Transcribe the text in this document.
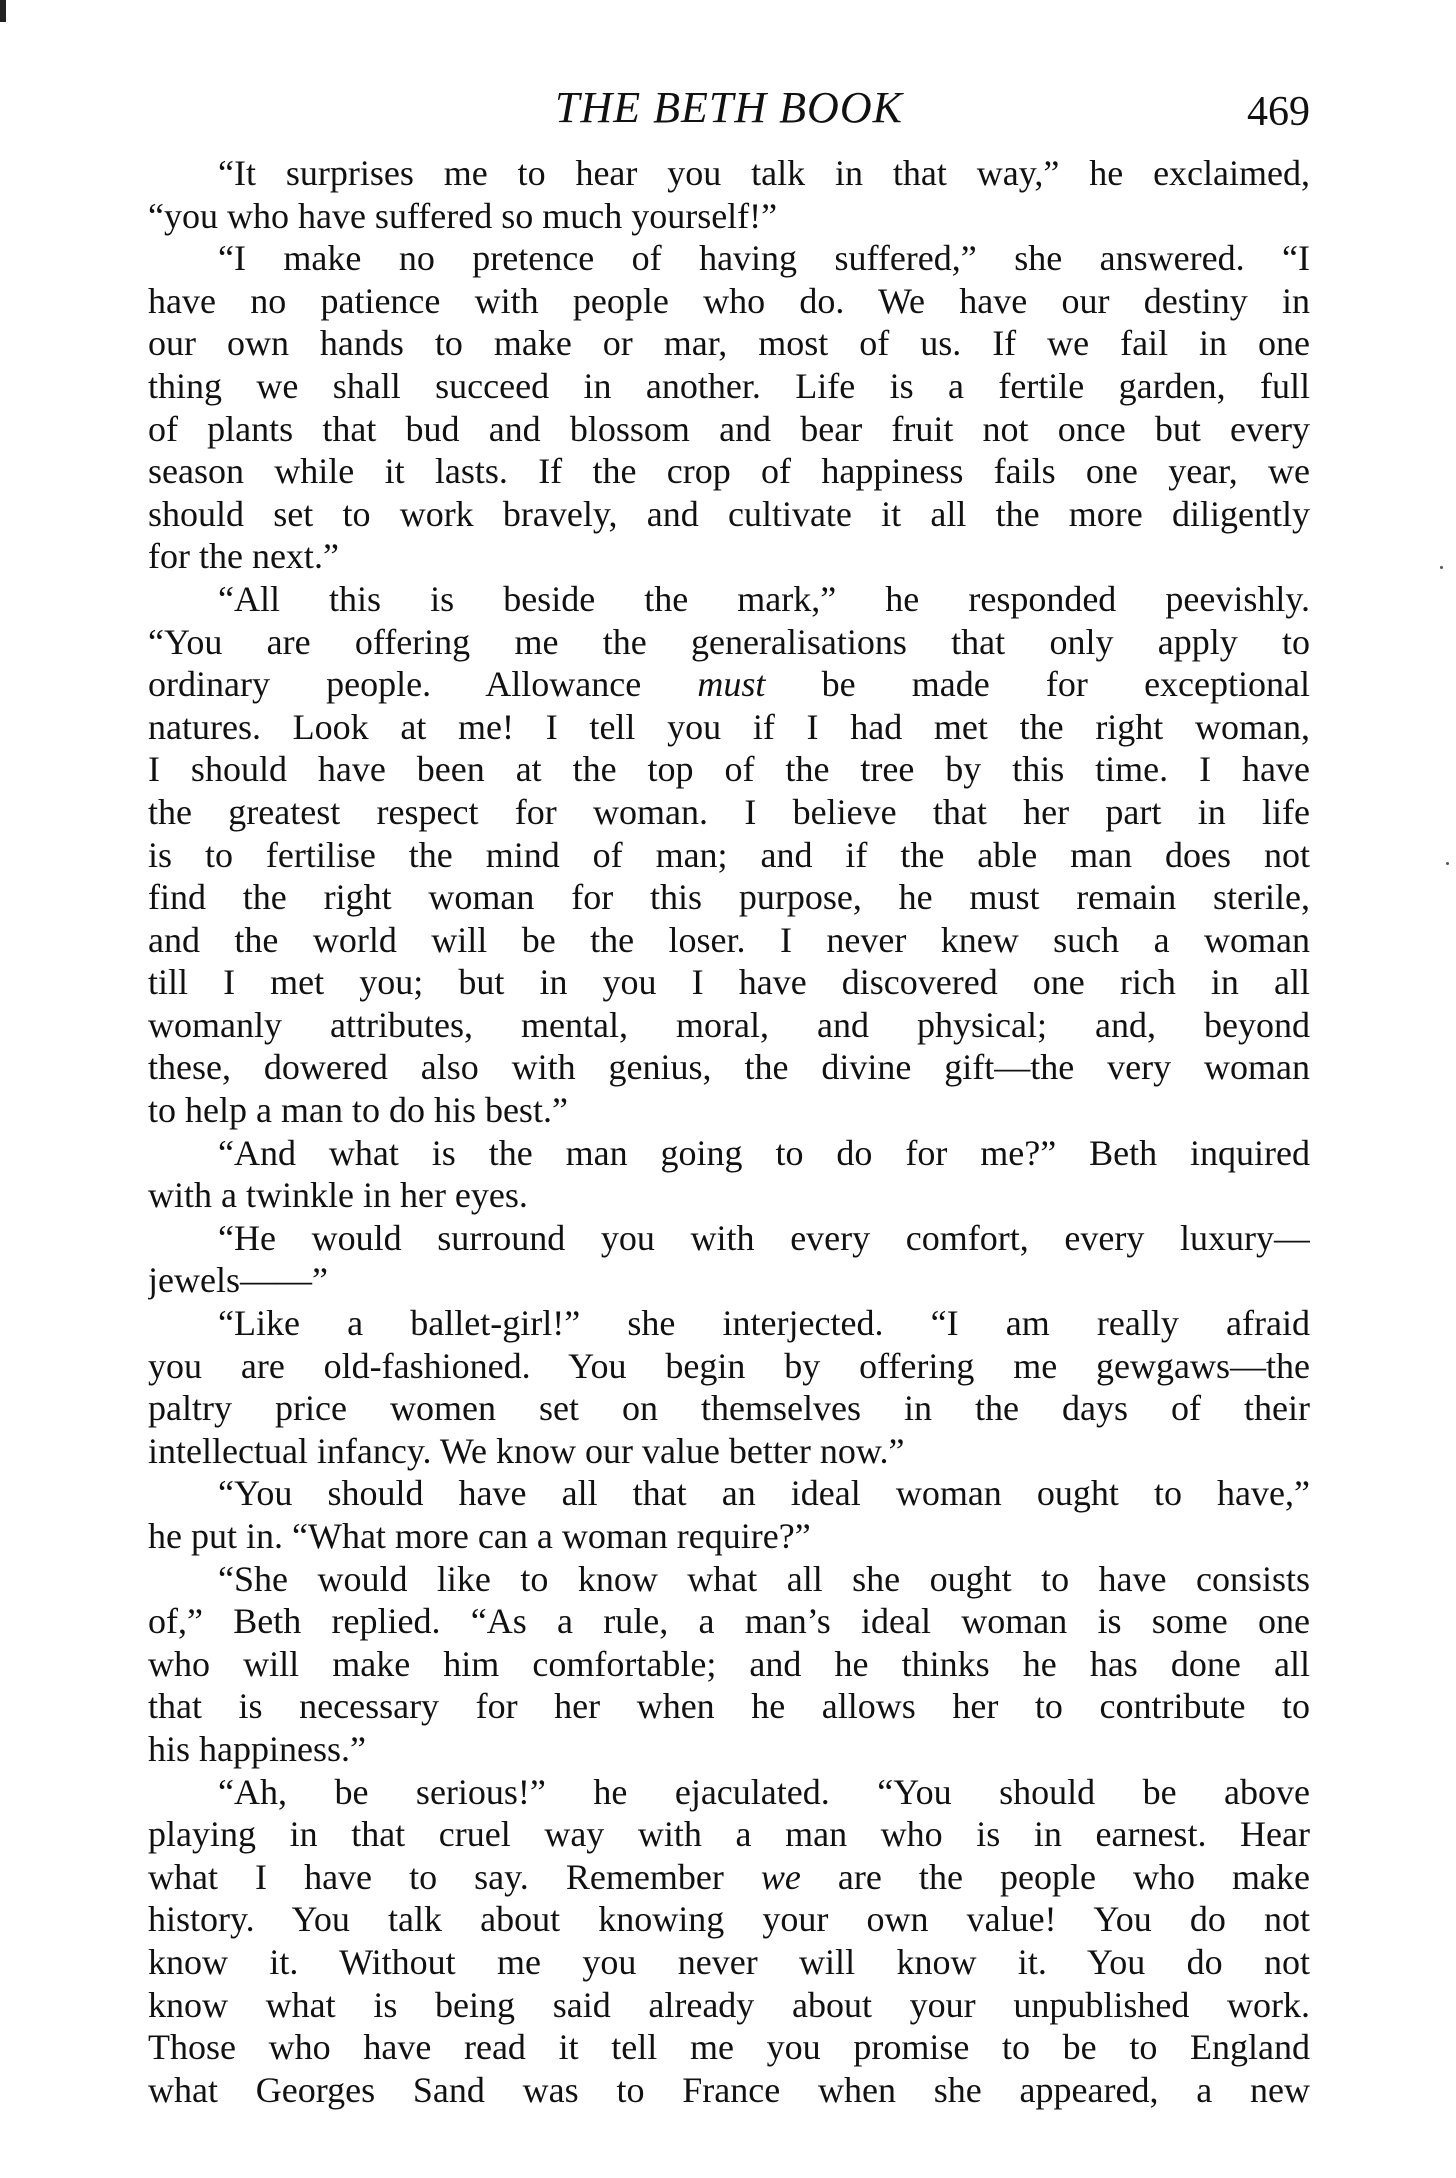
THE BETH BOOK	469
“It surprises me to hear you talk in that way,” he exclaimed,
“you who have suffered so much yourself!”
“I make no pretence of having suffered,” she answered. “I
have no patience with people who do. We have our destiny in
our own hands to make or mar, most of us. If we fail in one
thing we shall succeed in another. Life is a fertile garden, full
of plants that bud and blossom and bear fruit not once but every
season while it lasts. If the crop of happiness fails one year, we
should set to work bravely, and cultivate it all the more diligently
for the next.”
“All this is beside the mark,” he responded peevishly.
“You are offering me the generalisations that only apply to
ordinary people. Allowance must be made for exceptional
natures. Look at me! I tell you if I had met the right woman,
I should have been at the top of the tree by this time. I have
the greatest respect for woman. I believe that her part in life
is to fertilise the mind of man; and if the able man does not
find the right woman for this purpose, he must remain sterile,
and the world will be the loser. I never knew such a woman
till I met you; but in you I have discovered one rich in all
womanly attributes, mental, moral, and physical; and, beyond
these, dowered also with genius, the divine gift—the very woman
to help a man to do his best.”
“And what is the man going to do for me?” Beth inquired
with a twinkle in her eyes.
“He would surround you with every comfort, every luxury—
jewels——”
“Like a ballet-girl!” she interjected. “I am really afraid
you are old-fashioned. You begin by offering me gewgaws—the
paltry price women set on themselves in the days of their
intellectual infancy. We know our value better now.”
“You should have all that an ideal woman ought to have,”
he put in. “What more can a woman require?”
“She would like to know what all she ought to have consists
of,” Beth replied. “As a rule, a man’s ideal woman is some one
who will make him comfortable; and he thinks he has done all
that is necessary for her when he allows her to contribute to
his happiness.”
“Ah, be serious!” he ejaculated. “You should be above
playing in that cruel way with a man who is in earnest. Hear
what I have to say. Remember we are the people who make
history. You talk about knowing your own value! You do not
know it. Without me you never will know it. You do not
know what is being said already about your unpublished work.
Those who have read it tell me you promise to be to England
what Georges Sand was to France when she appeared, a new
